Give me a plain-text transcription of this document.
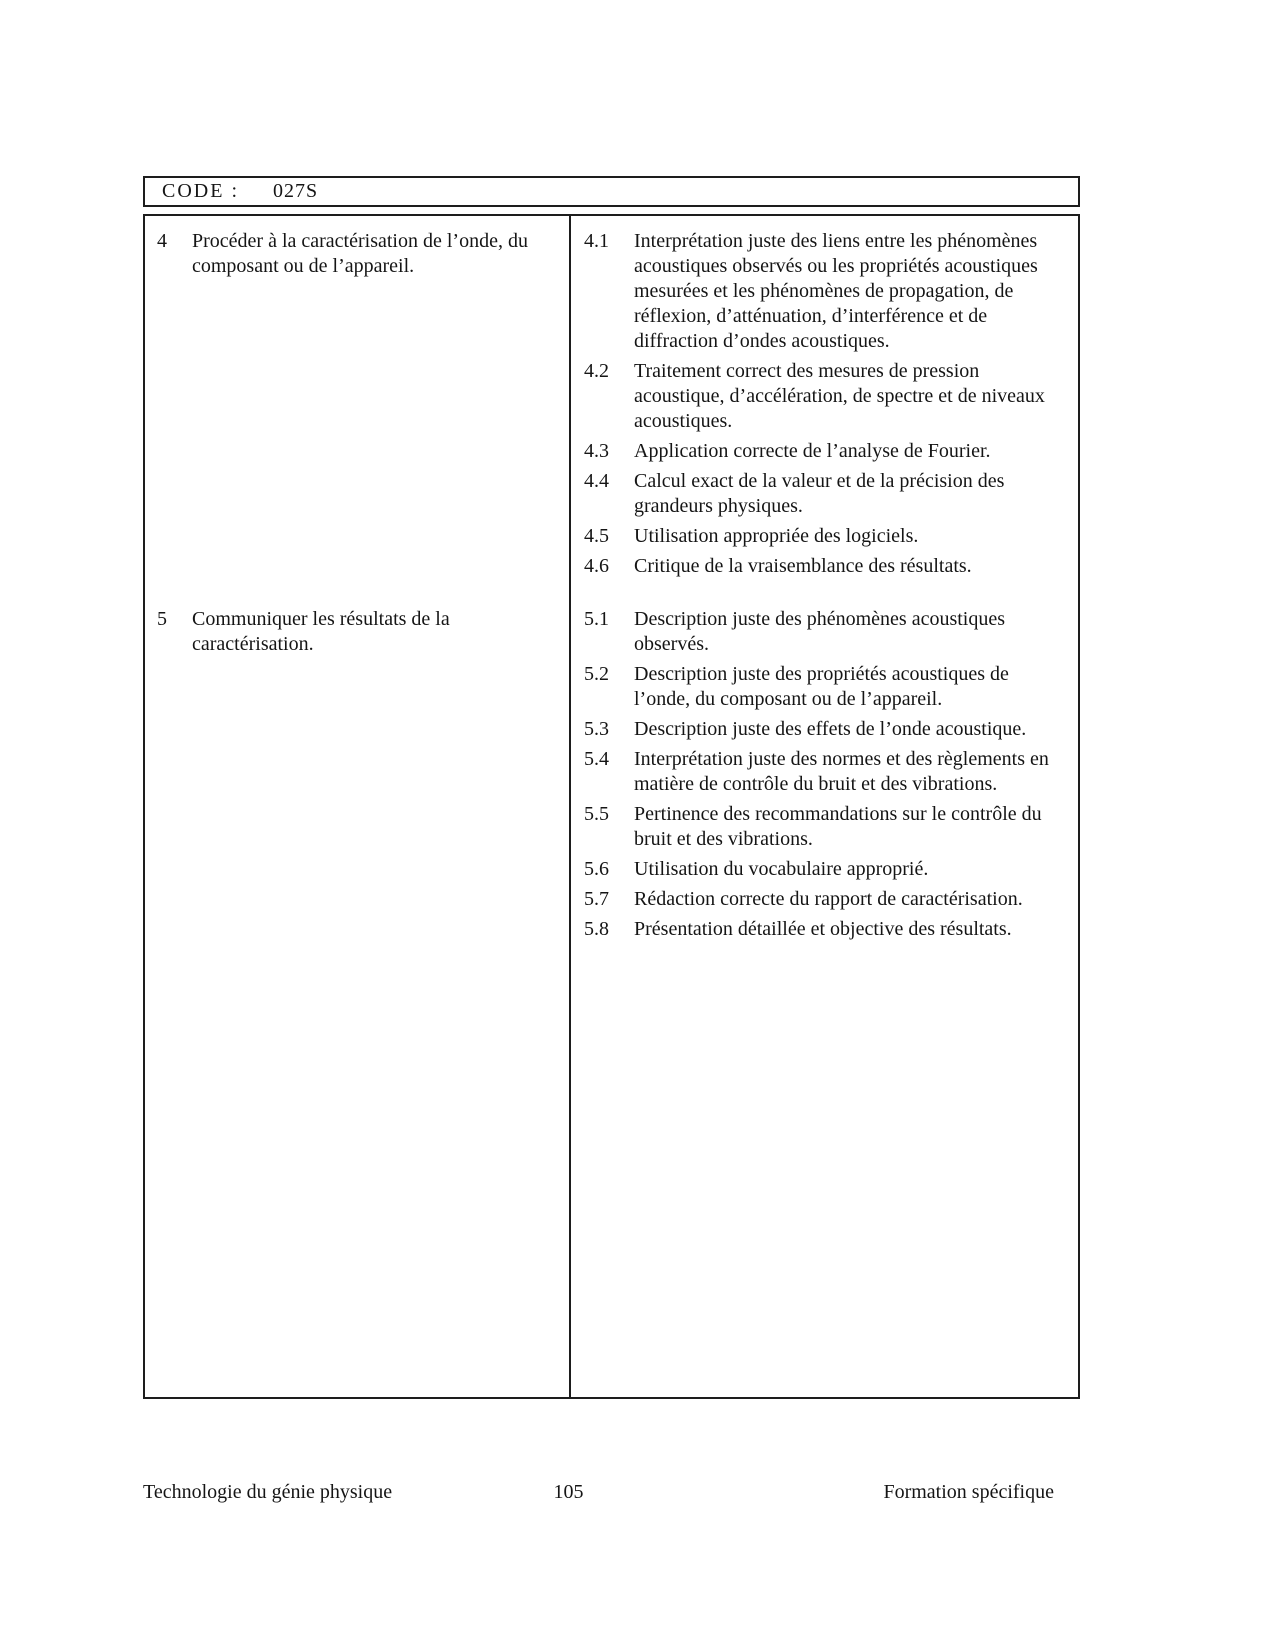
CODE : 027S
4	Procéder à la caractérisation de l’onde, du composant ou de l’appareil.
4.1	Interprétation juste des liens entre les phénomènes acoustiques observés ou les propriétés acoustiques mesurées et les phénomènes de propagation, de réflexion, d’atténuation, d’interférence et de diffraction d’ondes acoustiques.
4.2	Traitement correct des mesures de pression acoustique, d’accélération, de spectre et de niveaux acoustiques.
4.3	Application correcte de l’analyse de Fourier.
4.4	Calcul exact de la valeur et de la précision des grandeurs physiques.
4.5	Utilisation appropriée des logiciels.
4.6	Critique de la vraisemblance des résultats.
5	Communiquer les résultats de la caractérisation.
5.1	Description juste des phénomènes acoustiques observés.
5.2	Description juste des propriétés acoustiques de l’onde, du composant ou de l’appareil.
5.3	Description juste des effets de l’onde acoustique.
5.4	Interprétation juste des normes et des règlements en matière de contrôle du bruit et des vibrations.
5.5	Pertinence des recommandations sur le contrôle du bruit et des vibrations.
5.6	Utilisation du vocabulaire approprié.
5.7	Rédaction correcte du rapport de caractérisation.
5.8	Présentation détaillée et objective des résultats.
Technologie du génie physique	105	Formation spécifique
